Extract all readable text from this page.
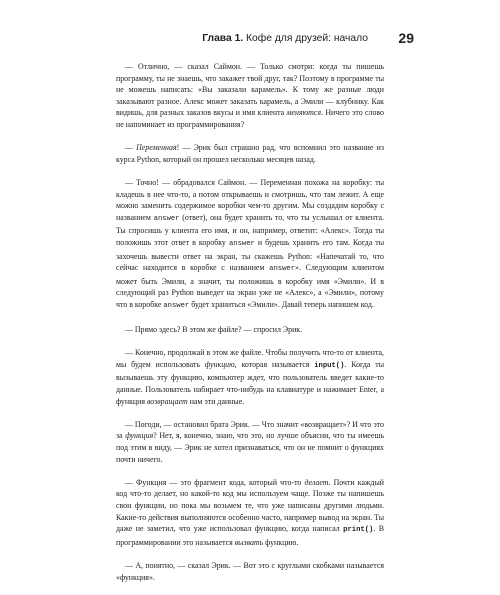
Глава 1. Кофе для друзей: начало 29

— Отлично, — сказал Саймон. — Только смотри: когда ты пишешь программу, ты не знаешь, что закажет твой друг, так? Поэтому в программе ты не можешь написать: «Вы заказали карамель». К тому же разные люди заказывают разное. Алекс может заказать карамель, а Эмили — клубнику. Как видишь, для разных заказов вкусы и имя клиента меняются. Ничего это слово не напоминает из программирования?

— Переменная! — Эрик был страшно рад, что вспомнил это название из курса Python, который он прошел несколько месяцев назад.

— Точно! — обрадовался Саймон. — Переменная похожа на коробку: ты кладешь в нее что-то, а потом открываешь и смотришь, что там лежит. А еще можно заменить содержимое коробки чем-то другим. Мы создадим коробку с названием answer (ответ), она будет хранить то, что ты услышал от клиента. Ты спросишь у клиента его имя, и он, например, ответит: «Алекс». Тогда ты положишь этот ответ в коробку answer и будешь хранить его там. Когда ты захочешь вывести ответ на экран, ты скажешь Python: «Напечатай то, что сейчас находится в коробке с названием answer». Следующим клиентом может быть Эмили, а значит, ты положишь в коробку имя «Эмили». И в следующий раз Python выведет на экран уже не «Алекс», а «Эмили», потому что в коробке answer будет храниться «Эмили». Давай теперь напишем код.

— Прямо здесь? В этом же файле? — спросил Эрик.

— Конечно, продолжай в этом же файле. Чтобы получить что-то от клиента, мы будем использовать функцию, которая называется input(). Когда ты вызываешь эту функцию, компьютер ждет, что пользователь введет какие-то данные. Пользователь набирает что-нибудь на клавиатуре и нажимает Enter, а функция возвращает нам эти данные.

— Погоди, — остановил брата Эрик. — Что значит «возвращает»? И что это за функция? Нет, я, конечно, знаю, что это, но лучше объясни, что ты имеешь под этим в виду, — Эрик не хотел признаваться, что он не помнит о функциях почти ничего.

— Функция — это фрагмент кода, который что-то делает. Почти каждый код что-то делает, но какой-то код мы используем чаще. Позже ты напишешь свои функции, но пока мы возьмем те, что уже написаны другими людьми. Какие-то действия выполняются особенно часто, например вывод на экран. Ты даже не заметил, что уже использовал функцию, когда написал print(). В программировании это называется вызвать функцию.

— А, понятно, — сказал Эрик. — Вот это с круглыми скобками называется «функция».
